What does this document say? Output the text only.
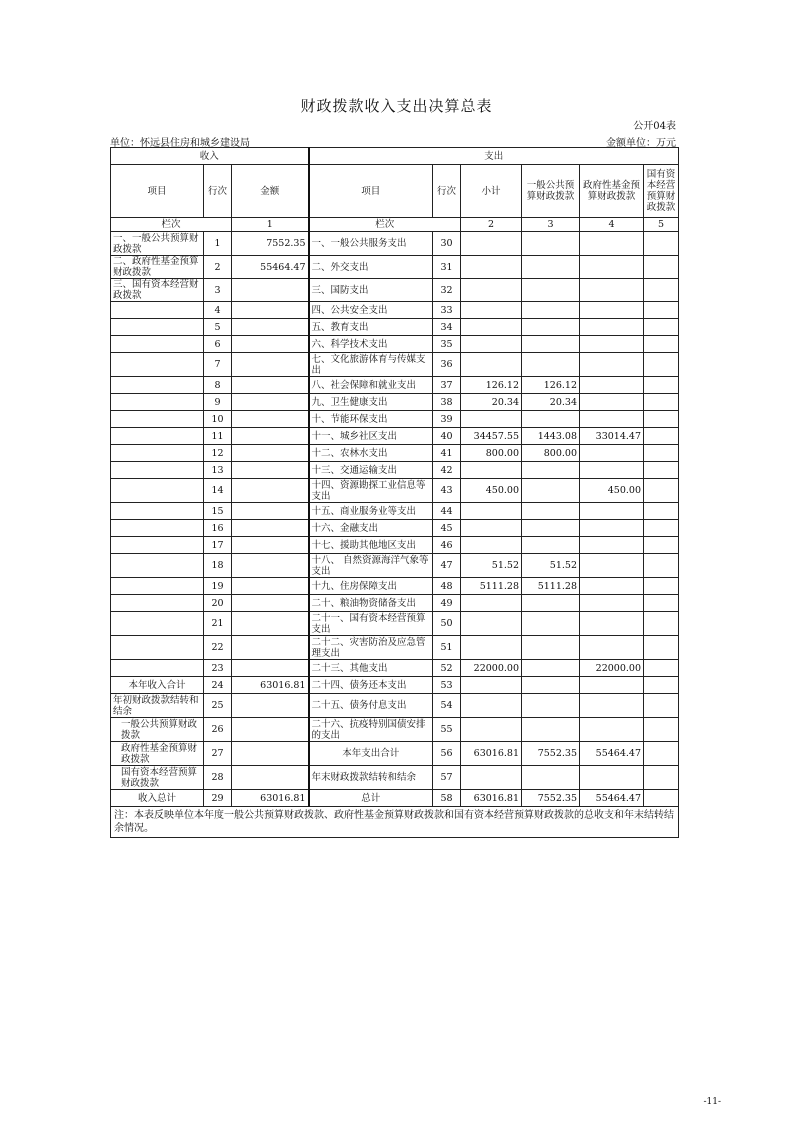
财政拨款收入支出决算总表
公开04表
单位：怀远县住房和城乡建设局	金额单位：万元
收入			支出					
项目	行次	金额	项目	行次	小计	一般公共预算财政拨款	政府性基金预算财政拨款	国有资本经营预算财政拨款
栏次		1	栏次		2	3	4	5
一、一般公共预算财政拨款	1	7552.35	一、一般公共服务支出	30				
二、政府性基金预算财政拨款	2	55464.47	二、外交支出	31				
三、国有资本经营财政拨款	3		三、国防支出	32				
	4		四、公共安全支出	33				
	5		五、教育支出	34				
	6		六、科学技术支出	35				
	7		七、文化旅游体育与传媒支出	36				
	8		八、社会保障和就业支出	37	126.12	126.12		
	9		九、卫生健康支出	38	20.34	20.34		
	10		十、节能环保支出	39				
	11		十一、城乡社区支出	40	34457.55	1443.08	33014.47	
	12		十二、农林水支出	41	800.00	800.00		
	13		十三、交通运输支出	42				
	14		十四、资源勘探工业信息等支出	43	450.00		450.00	
	15		十五、商业服务业等支出	44				
	16		十六、金融支出	45				
	17		十七、援助其他地区支出	46				
	18		十八、 自然资源海洋气象等支出	47	51.52	51.52		
	19		十九、住房保障支出	48	5111.28	5111.28		
	20		二十、粮油物资储备支出	49				
	21		二十一、国有资本经营预算支出	50				
	22		二十二、灾害防治及应急管理支出	51				
	23		二十三、其他支出	52	22000.00		22000.00	
本年收入合计	24	63016.81	二十四、债务还本支出	53				
年初财政拨款结转和结余	25		二十五、债务付息支出	54				
一般公共预算财政拨款	26		二十六、抗疫特别国债安排的支出	55				
政府性基金预算财政拨款	27		本年支出合计	56	63016.81	7552.35	55464.47	
国有资本经营预算财政拨款	28		年末财政拨款结转和结余	57				
收入总计	29	63016.81	总计	58	63016.81	7552.35	55464.47	
注：本表反映单位本年度一般公共预算财政拨款、政府性基金预算财政拨款和国有资本经营预算财政拨款的总收支和年末结转结余情况。								
-11-
